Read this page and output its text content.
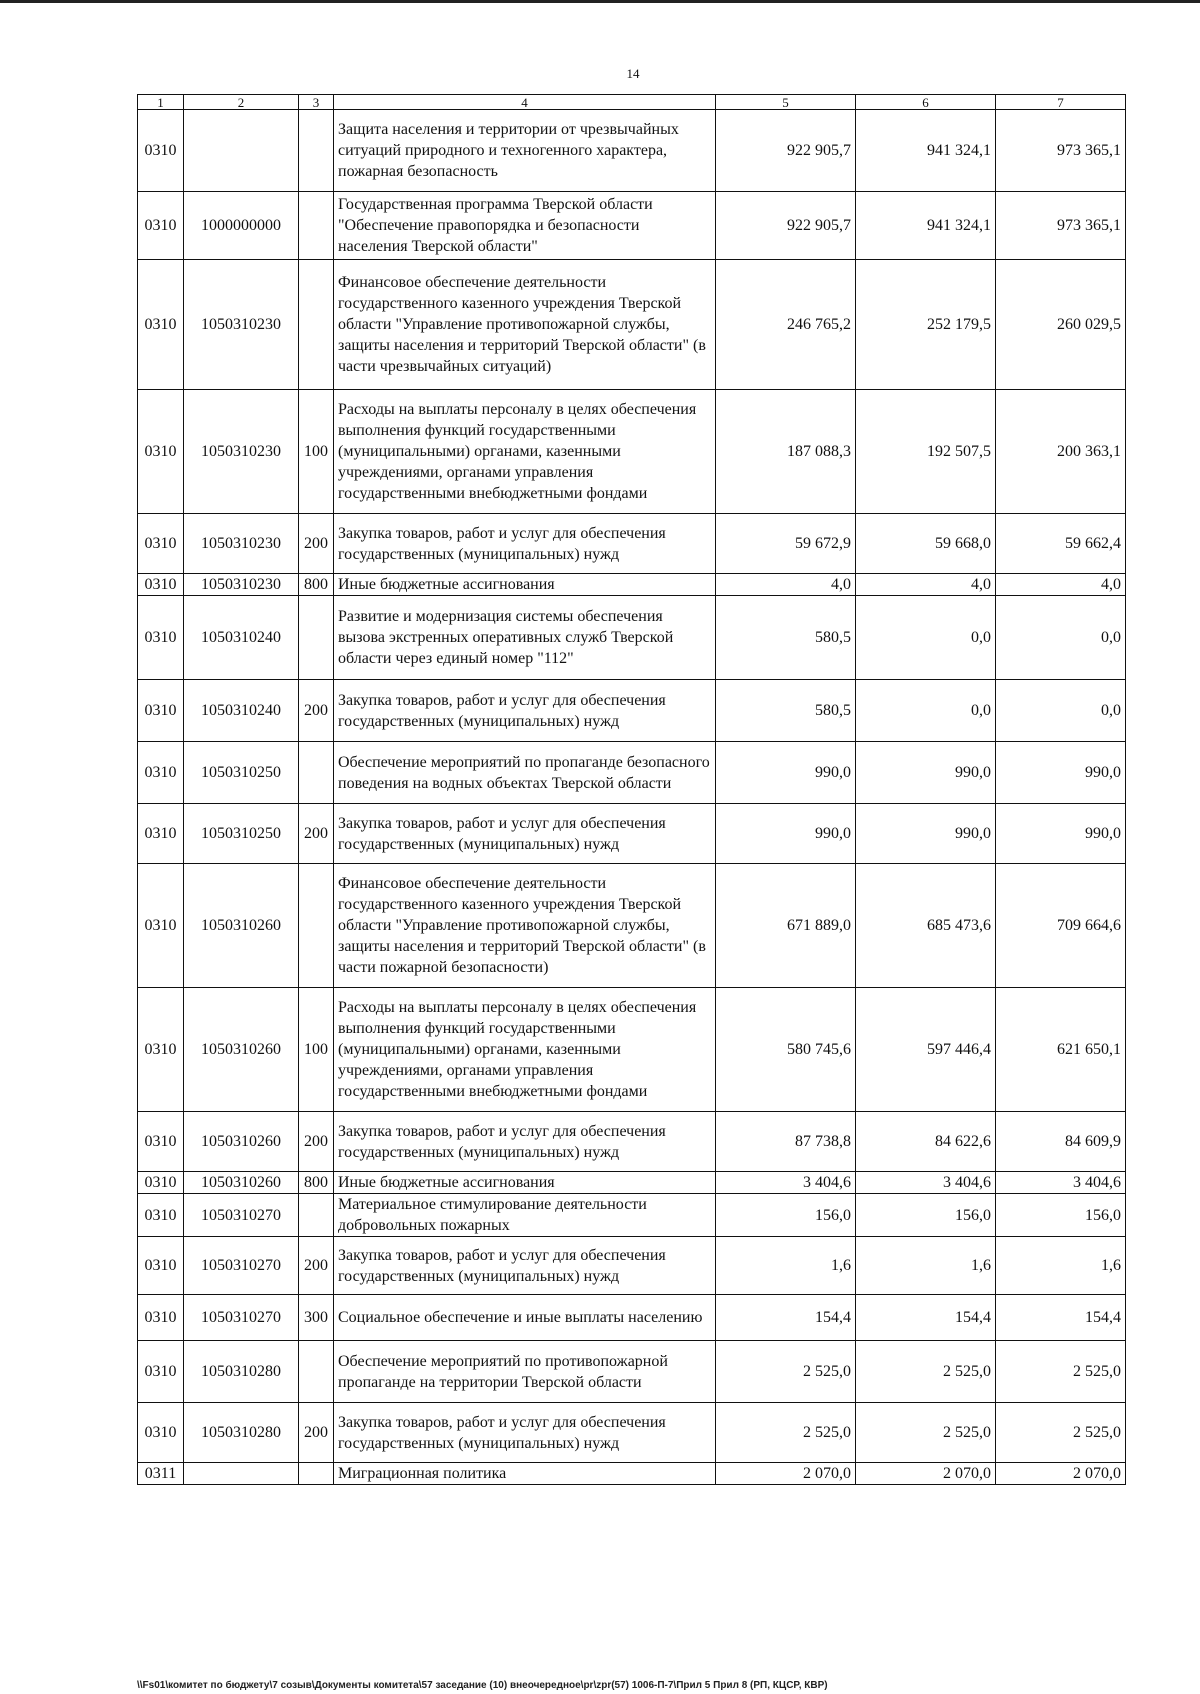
14
1	2	3	4	5	6	7
0310			Защита населения и территории от чрезвычайных ситуаций природного и техногенного характера, пожарная безопасность	922 905,7	941 324,1	973 365,1
0310	1000000000		Государственная программа Тверской области "Обеспечение правопорядка и безопасности населения Тверской области"	922 905,7	941 324,1	973 365,1
0310	1050310230		Финансовое обеспечение деятельности государственного казенного учреждения Тверской области "Управление противопожарной службы, защиты населения и территорий Тверской области" (в части чрезвычайных ситуаций)	246 765,2	252 179,5	260 029,5
0310	1050310230	100	Расходы на выплаты персоналу в целях обеспечения выполнения функций государственными (муниципальными) органами, казенными учреждениями, органами управления государственными внебюджетными фондами	187 088,3	192 507,5	200 363,1
0310	1050310230	200	Закупка товаров, работ и услуг для обеспечения государственных (муниципальных) нужд	59 672,9	59 668,0	59 662,4
0310	1050310230	800	Иные бюджетные ассигнования	4,0	4,0	4,0
0310	1050310240		Развитие и модернизация системы обеспечения вызова экстренных оперативных служб Тверской области через единый номер "112"	580,5	0,0	0,0
0310	1050310240	200	Закупка товаров, работ и услуг для обеспечения государственных (муниципальных) нужд	580,5	0,0	0,0
0310	1050310250		Обеспечение мероприятий по пропаганде безопасного поведения на водных объектах Тверской области	990,0	990,0	990,0
0310	1050310250	200	Закупка товаров, работ и услуг для обеспечения государственных (муниципальных) нужд	990,0	990,0	990,0
0310	1050310260		Финансовое обеспечение деятельности государственного казенного учреждения Тверской области "Управление противопожарной службы, защиты населения и территорий Тверской области" (в части пожарной безопасности)	671 889,0	685 473,6	709 664,6
0310	1050310260	100	Расходы на выплаты персоналу в целях обеспечения выполнения функций государственными (муниципальными) органами, казенными учреждениями, органами управления государственными внебюджетными фондами	580 745,6	597 446,4	621 650,1
0310	1050310260	200	Закупка товаров, работ и услуг для обеспечения государственных (муниципальных) нужд	87 738,8	84 622,6	84 609,9
0310	1050310260	800	Иные бюджетные ассигнования	3 404,6	3 404,6	3 404,6
0310	1050310270		Материальное стимулирование деятельности добровольных пожарных	156,0	156,0	156,0
0310	1050310270	200	Закупка товаров, работ и услуг для обеспечения государственных (муниципальных) нужд	1,6	1,6	1,6
0310	1050310270	300	Социальное обеспечение и иные выплаты населению	154,4	154,4	154,4
0310	1050310280		Обеспечение мероприятий по противопожарной пропаганде на территории Тверской области	2 525,0	2 525,0	2 525,0
0310	1050310280	200	Закупка товаров, работ и услуг для обеспечения государственных (муниципальных) нужд	2 525,0	2 525,0	2 525,0
0311			Миграционная политика	2 070,0	2 070,0	2 070,0
\\Fs01\комитет по бюджету\7 созыв\Документы комитета\57 заседание (10) внеочередное\pr\zpr(57) 1006-П-7\Прил 5 Прил 8 (РП, КЦСР, КВР)
